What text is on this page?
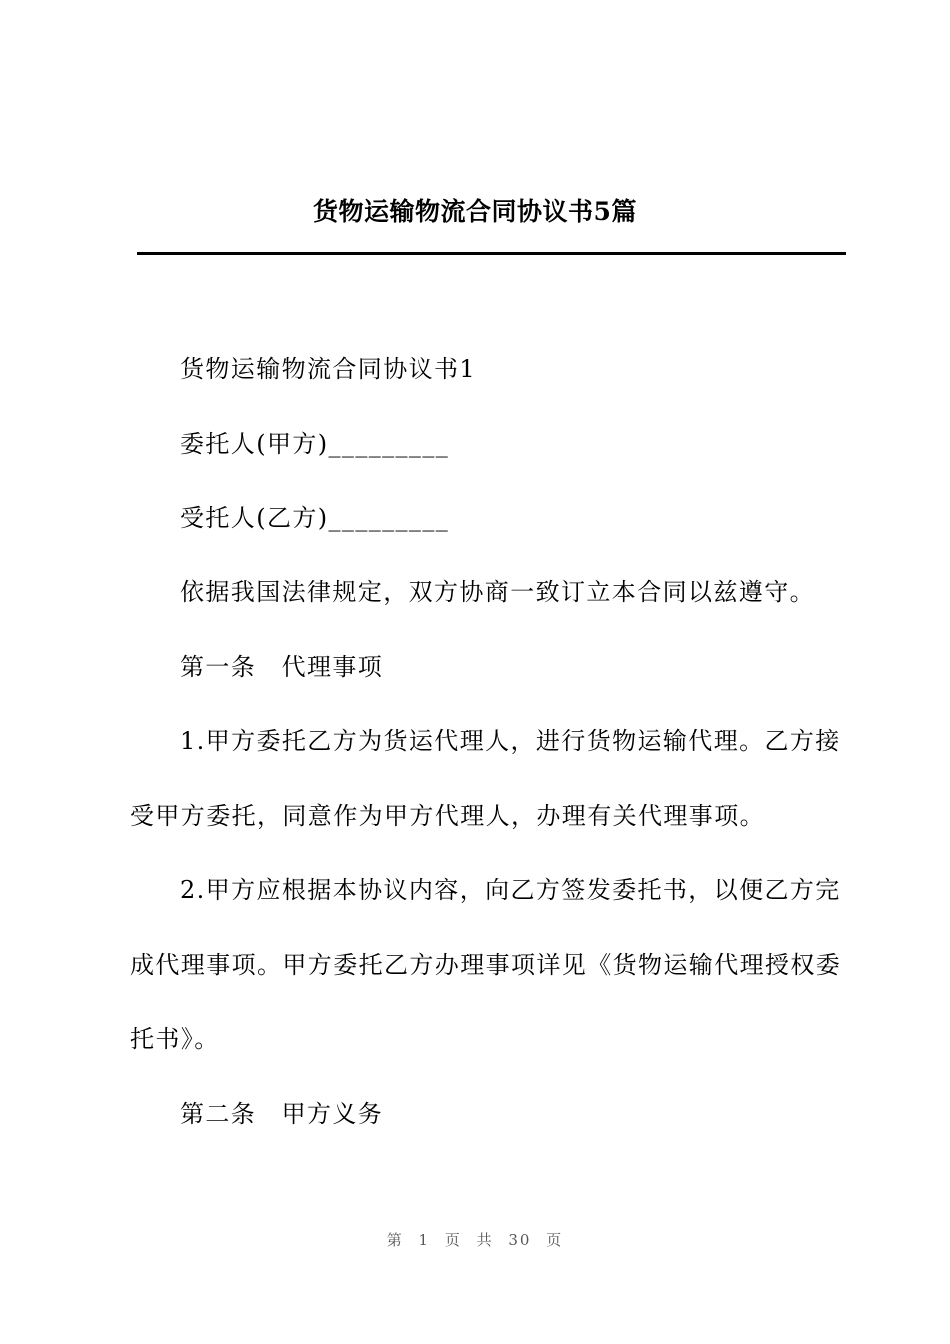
货物运输物流合同协议书5篇
货物运输物流合同协议书1
委托人(甲方)_________
受托人(乙方)_________
依据我国法律规定，双方协商一致订立本合同以兹遵守。
第一条　代理事项
1.甲方委托乙方为货运代理人，进行货物运输代理。乙方接
受甲方委托，同意作为甲方代理人，办理有关代理事项。
2.甲方应根据本协议内容，向乙方签发委托书，以便乙方完
成代理事项。甲方委托乙方办理事项详见《货物运输代理授权委
托书》。
第二条　甲方义务
第 1 页 共 30 页
